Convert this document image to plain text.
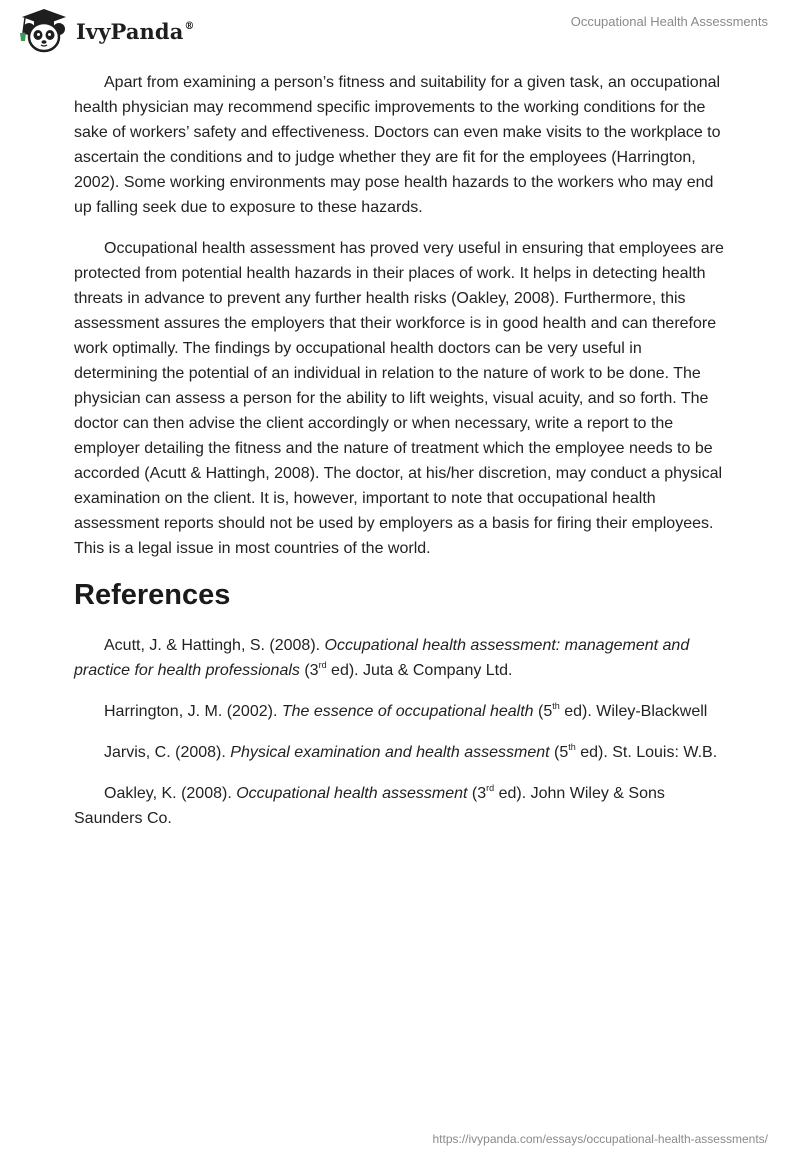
IvyPanda®	Occupational Health Assessments

Apart from examining a person’s fitness and suitability for a given task, an occupational health physician may recommend specific improvements to the working conditions for the sake of workers’ safety and effectiveness. Doctors can even make visits to the workplace to ascertain the conditions and to judge whether they are fit for the employees (Harrington, 2002). Some working environments may pose health hazards to the workers who may end up falling seek due to exposure to these hazards.

Occupational health assessment has proved very useful in ensuring that employees are protected from potential health hazards in their places of work. It helps in detecting health threats in advance to prevent any further health risks (Oakley, 2008). Furthermore, this assessment assures the employers that their workforce is in good health and can therefore work optimally. The findings by occupational health doctors can be very useful in determining the potential of an individual in relation to the nature of work to be done. The physician can assess a person for the ability to lift weights, visual acuity, and so forth. The doctor can then advise the client accordingly or when necessary, write a report to the employer detailing the fitness and the nature of treatment which the employee needs to be accorded (Acutt & Hattingh, 2008). The doctor, at his/her discretion, may conduct a physical examination on the client. It is, however, important to note that occupational health assessment reports should not be used by employers as a basis for firing their employees. This is a legal issue in most countries of the world.

References

Acutt, J. & Hattingh, S. (2008). Occupational health assessment: management and practice for health professionals (3rd ed). Juta & Company Ltd.

Harrington, J. M. (2002). The essence of occupational health (5th ed). Wiley-Blackwell

Jarvis, C. (2008). Physical examination and health assessment (5th ed). St. Louis: W.B.

Oakley, K. (2008). Occupational health assessment (3rd ed). John Wiley & Sons Saunders Co.

https://ivypanda.com/essays/occupational-health-assessments/
